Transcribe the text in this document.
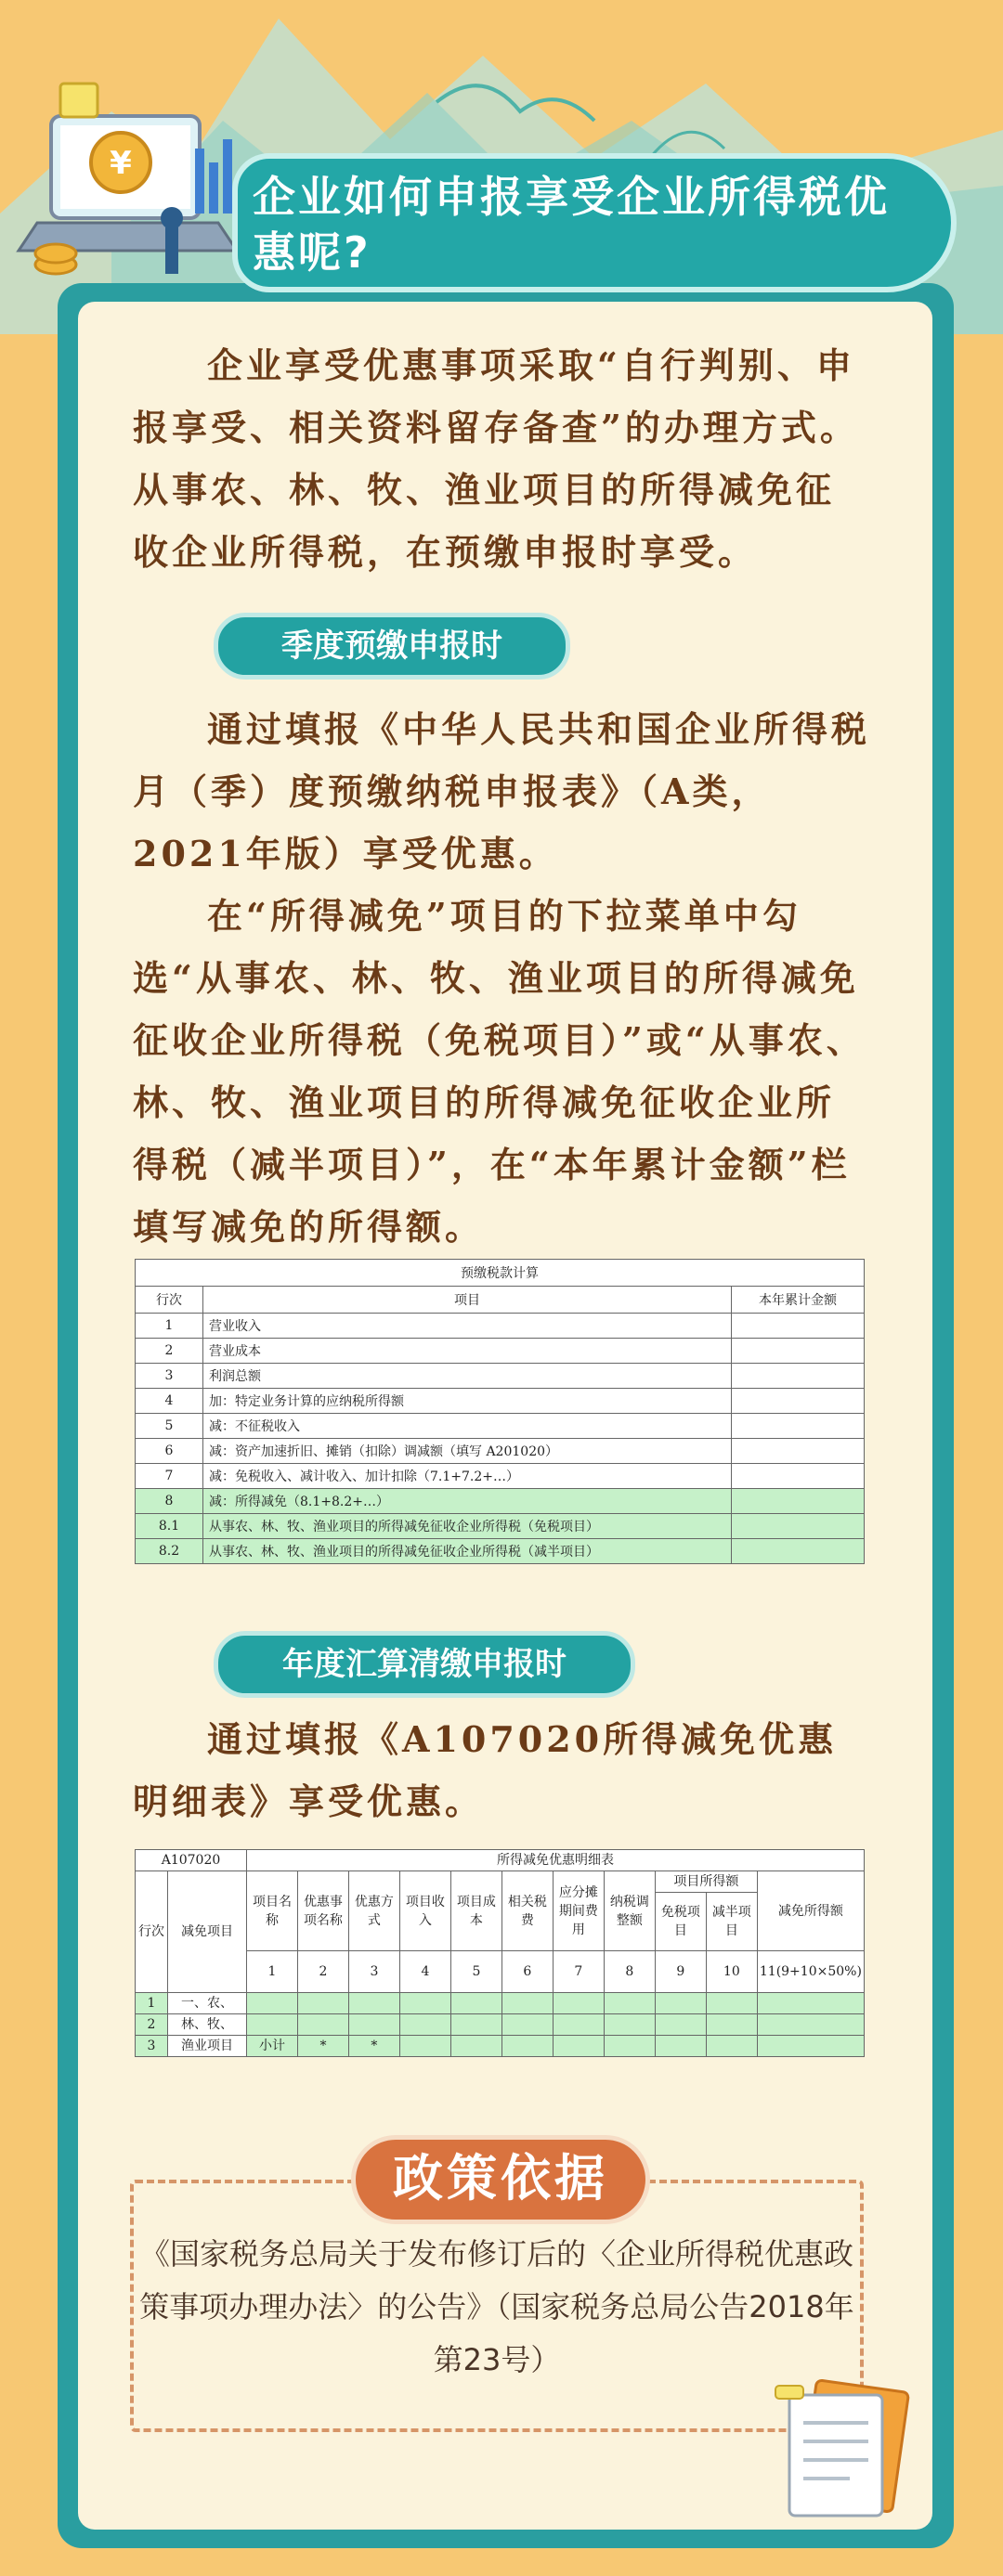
¥
企业如何申报享受企业所得税优
惠呢?

企业享受优惠事项采取“自行判别、申报享受、相关资料留存备查”的办理方式。从事农、林、牧、渔业项目的所得减免征收企业所得税，在预缴申报时享受。

季度预缴申报时

通过填报《中华人民共和国企业所得税月（季）度预缴纳税申报表》（A类，2021年版）享受优惠。

在“所得减免”项目的下拉菜单中勾选“从事农、林、牧、渔业项目的所得减免征收企业所得税（免税项目）”或“从事农、林、牧、渔业项目的所得减免征收企业所得税（减半项目）”，在“本年累计金额”栏填写减免的所得额。

预缴税款计算		
行次	项目	本年累计金额
1	营业收入	
2	营业成本	
3	利润总额	
4	加：特定业务计算的应纳税所得额	
5	减：不征税收入	
6	减：资产加速折旧、摊销（扣除）调减额（填写 A201020）	
7	减：免税收入、减计收入、加计扣除（7.1+7.2+…）	
8	减：所得减免（8.1+8.2+…）	
8.1	从事农、林、牧、渔业项目的所得减免征收企业所得税（免税项目）	
8.2	从事农、林、牧、渔业项目的所得减免征收企业所得税（减半项目）	
年度汇算清缴申报时

通过填报《A107020所得减免优惠明细表》享受优惠。

A107020		所得减免优惠明细表										
行次	减免项目	项目名称	优惠事项名称	优惠方式	项目收入	项目成本	相关税费	应分摊期间费用	纳税调整额	项目所得额		减免所得额
										免税项目	减半项目	
		1	2	3	4	5	6	7	8	9	10	11(9+10×50%)
1	一、农、											
2	林、牧、											
3	渔业项目	小计	*	*								
政策依据

《国家税务总局关于发布修订后的〈企业所得税优惠政策事项办理办法〉的公告》（国家税务总局公告2018年第23号）
